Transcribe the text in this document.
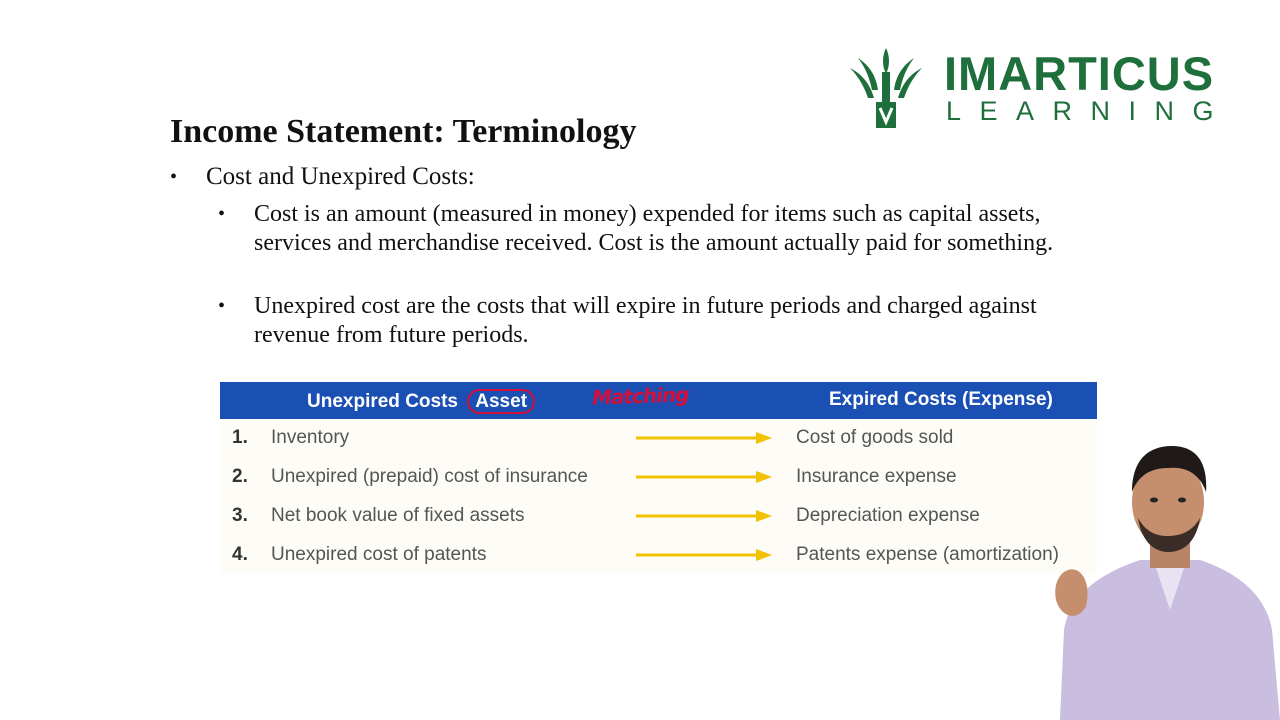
IMARTICUS
LEARNING
Income Statement: Terminology
• Cost and Unexpired Costs:
• Cost is an amount (measured in money) expended for items such as capital assets, services and merchandise received. Cost is the amount actually paid for something.
• Unexpired cost are the costs that will expire in future periods and charged against revenue from future periods.
Unexpired Costs Asset	Matching	Expired Costs (Expense)
1. Inventory	Cost of goods sold
2. Unexpired (prepaid) cost of insurance	Insurance expense
3. Net book value of fixed assets	Depreciation expense
4. Unexpired cost of patents	Patents expense (amortization)
